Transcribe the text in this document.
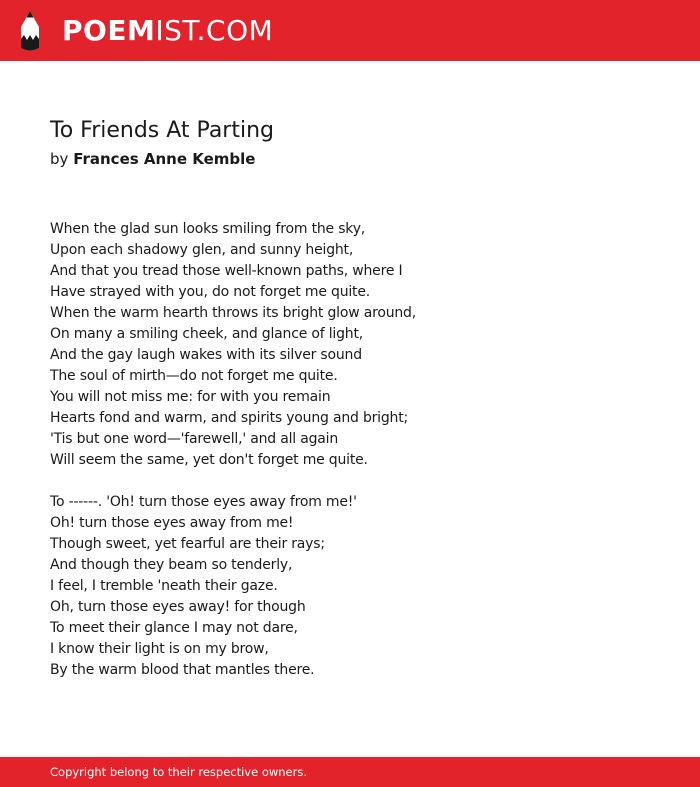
POEM IST.COM
To Friends At Parting
by Frances Anne Kemble
When the glad sun looks smiling from the sky,
Upon each shadowy glen, and sunny height,
And that you tread those well-known paths, where I
Have strayed with you, do not forget me quite.
When the warm hearth throws its bright glow around,
On many a smiling cheek, and glance of light,
And the gay laugh wakes with its silver sound
The soul of mirth—do not forget me quite.
You will not miss me: for with you remain
Hearts fond and warm, and spirits young and bright;
'Tis but one word—'farewell,' and all again
Will seem the same, yet don't forget me quite.
To ------. 'Oh! turn those eyes away from me!'
Oh! turn those eyes away from me!
Though sweet, yet fearful are their rays;
And though they beam so tenderly,
I feel, I tremble 'neath their gaze.
Oh, turn those eyes away! for though
To meet their glance I may not dare,
I know their light is on my brow,
By the warm blood that mantles there.
Copyright belong to their respective owners.
